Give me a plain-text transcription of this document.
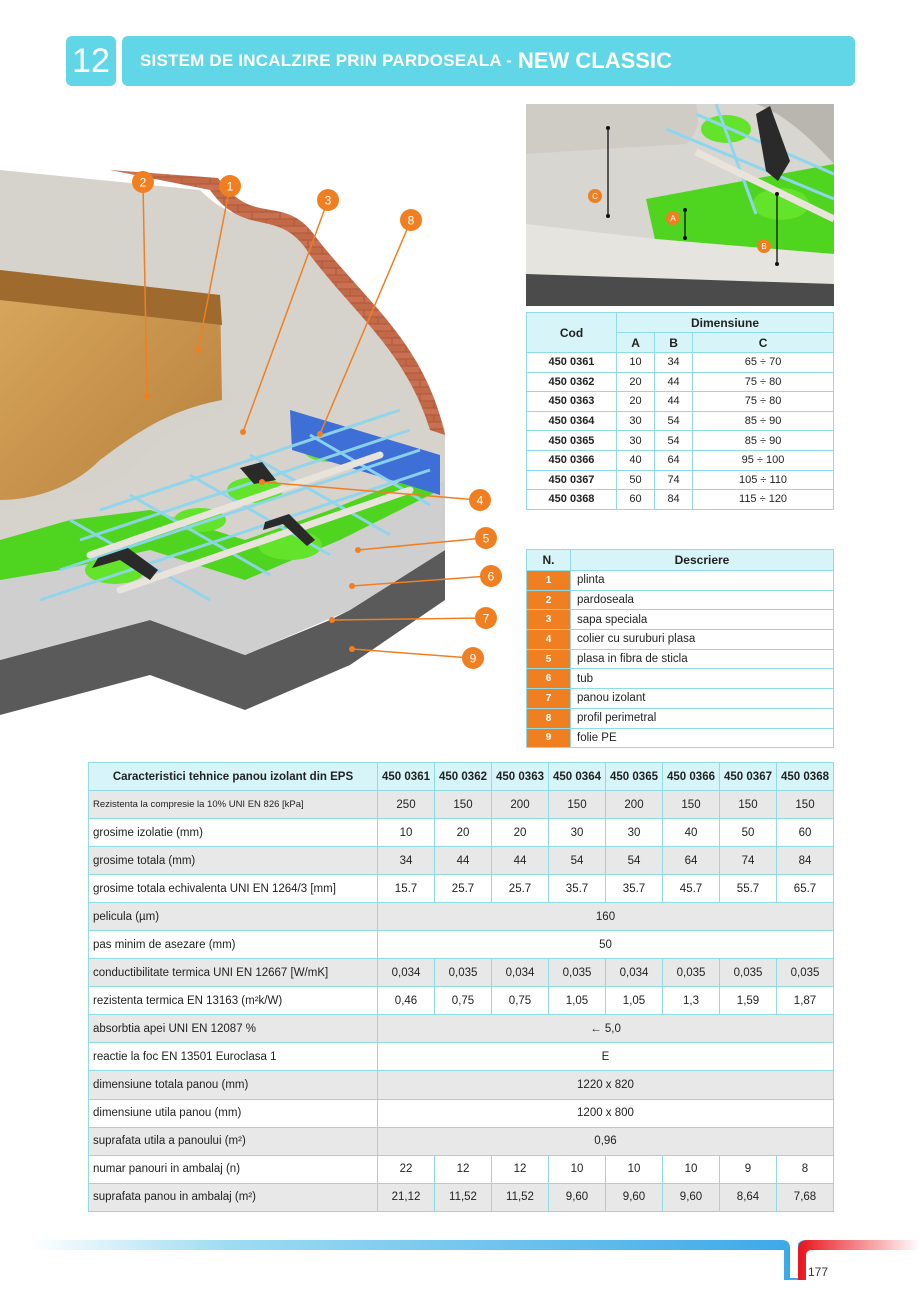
12	SISTEM DE INCALZIRE PRIN PARDOSEALA - NEW CLASSIC
2	1
3
8
4
5
6
7
9
C
A
B
Cod	Dimensiune		
	A	B	C
450 0361	10	34	65 ÷ 70
450 0362	20	44	75 ÷ 80
450 0363	20	44	75 ÷ 80
450 0364	30	54	85 ÷ 90
450 0365	30	54	85 ÷ 90
450 0366	40	64	95 ÷ 100
450 0367	50	74	105 ÷ 110
450 0368	60	84	115 ÷ 120
N.	Descriere
1	plinta
2	pardoseala
3	sapa speciala
4	colier cu suruburi plasa
5	plasa in fibra de sticla
6	tub
7	panou izolant
8	profil perimetral
9	folie PE
Caracteristici tehnice panou izolant din EPS	450 0361	450 0362	450 0363	450 0364	450 0365	450 0366	450 0367	450 0368
Rezistenta la compresie la 10% UNI EN 826 [kPa]	250	150	200	150	200	150	150	150
grosime izolatie (mm)	10	20	20	30	30	40	50	60
grosime totala (mm)	34	44	44	54	54	64	74	84
grosime totala echivalenta UNI EN 1264/3 [mm]	15.7	25.7	25.7	35.7	35.7	45.7	55.7	65.7
pelicula (µm)	160							
pas minim de asezare (mm)	50							
conductibilitate termica UNI EN 12667 [W/mK]	0,034	0,035	0,034	0,035	0,034	0,035	0,035	0,035
rezistenta termica EN 13163 (m²k/W)	0,46	0,75	0,75	1,05	1,05	1,3	1,59	1,87
absorbtia apei UNI EN 12087 %	← 5,0							
reactie la foc EN 13501 Euroclasa 1	E							
dimensiune totala panou (mm)	1220 x 820							
dimensiune utila panou (mm)	1200 x 800							
suprafata utila a panoului (m²)	0,96							
numar panouri in ambalaj (n)	22	12	12	10	10	10	9	8
suprafata panou in ambalaj (m²)	21,12	11,52	11,52	9,60	9,60	9,60	8,64	7,68
177
